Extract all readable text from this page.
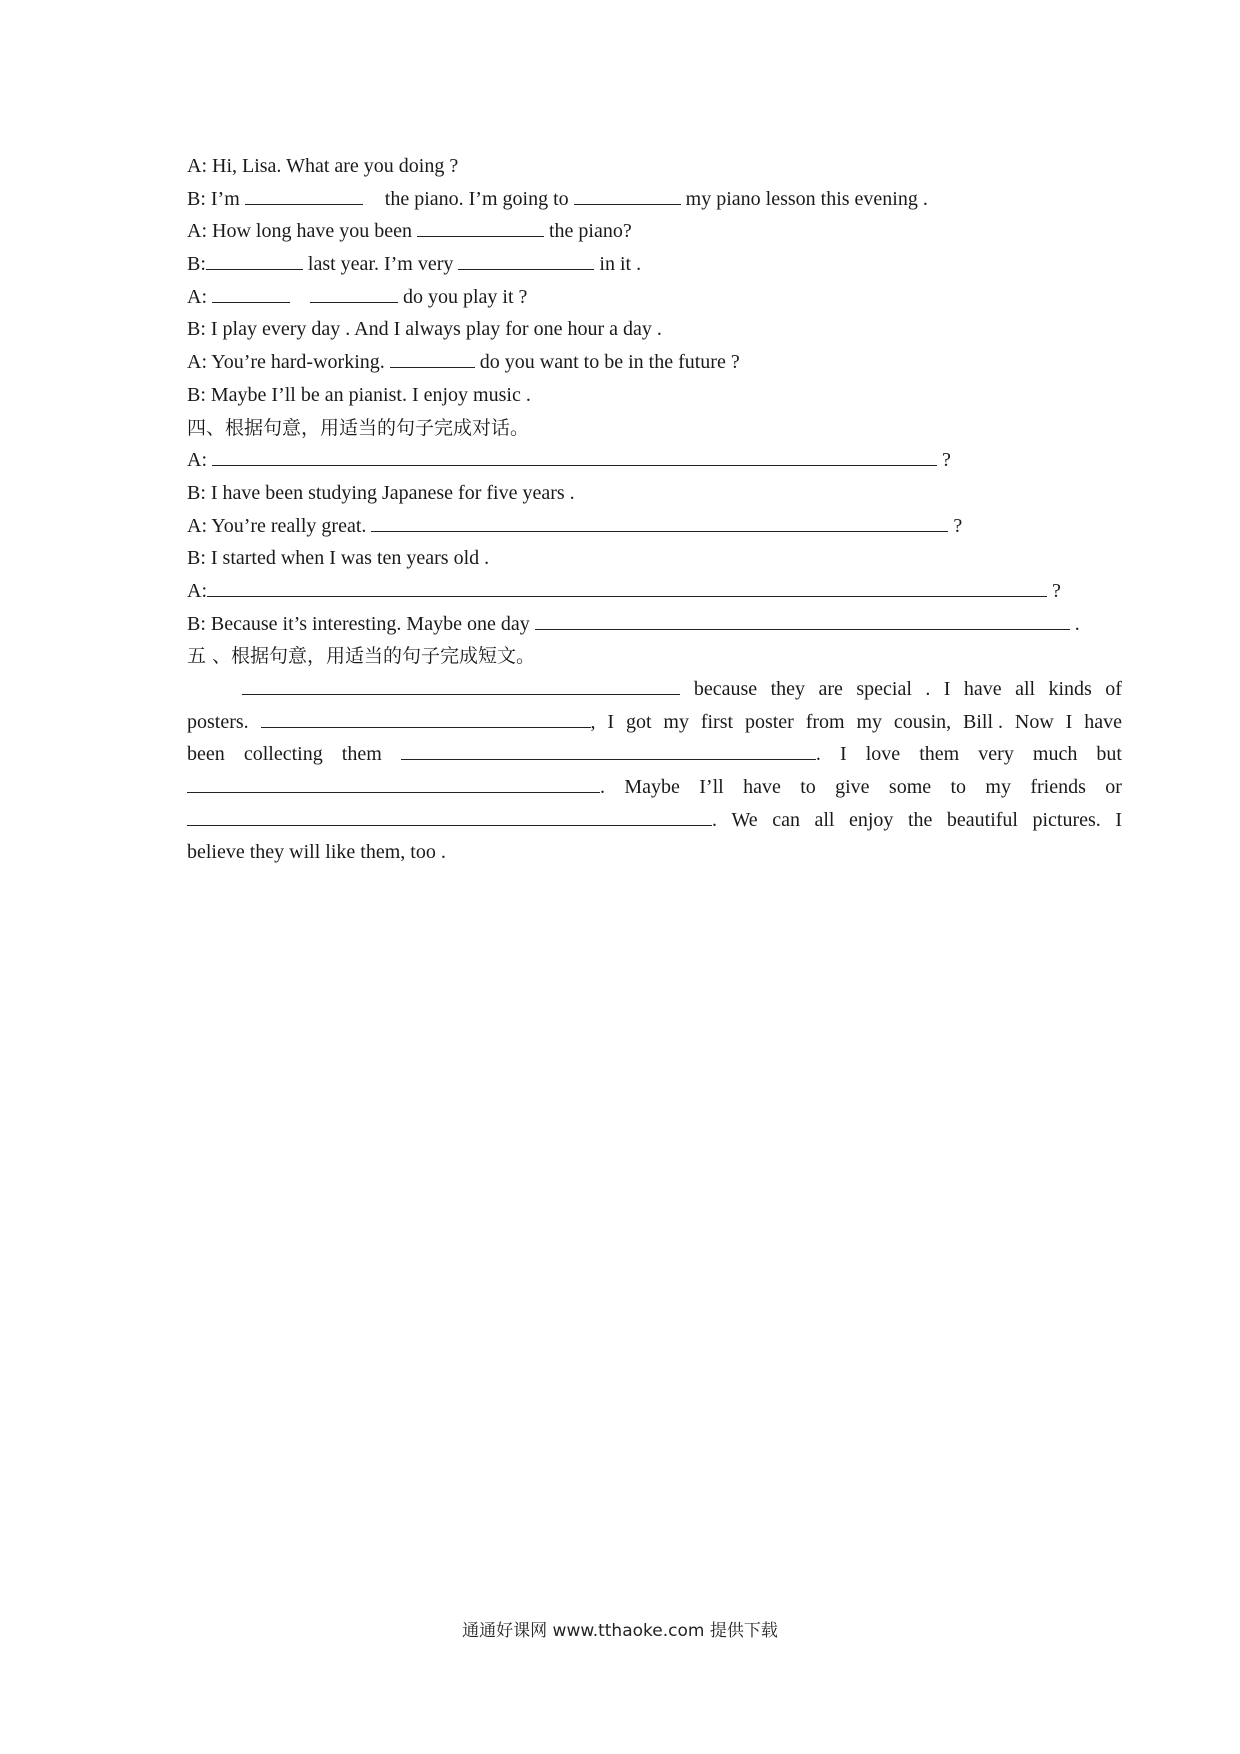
A: Hi, Lisa. What are you doing ?
B: I’m	the piano. I’m going to	my piano lesson this evening .
A: How long have you been	the piano?
B:	last year. I’m very	in it .
A:	do you play it ?
B: I play every day . And I always play for one hour a day .
A: You’re hard-working.	do you want to be in the future ?
B: Maybe I’ll be an pianist. I enjoy music .
四、根据句意，用适当的句子完成对话。
A:	?
B: I have been studying Japanese for five years .
A: You’re really great.	?
B: I started when I was ten years old .
A:	?
B: Because it’s interesting. Maybe one day	.
五 、根据句意，用适当的句子完成短文。
because they are special . I have all kinds of
posters.	, I got my first poster from my cousin, Bill . Now I have
been collecting them	. I love them very much but
. Maybe I’ll have to give some to my friends or
. We can all enjoy the beautiful pictures. I
believe they will like them, too .
通通好课网 www.tthaoke.com 提供下载
